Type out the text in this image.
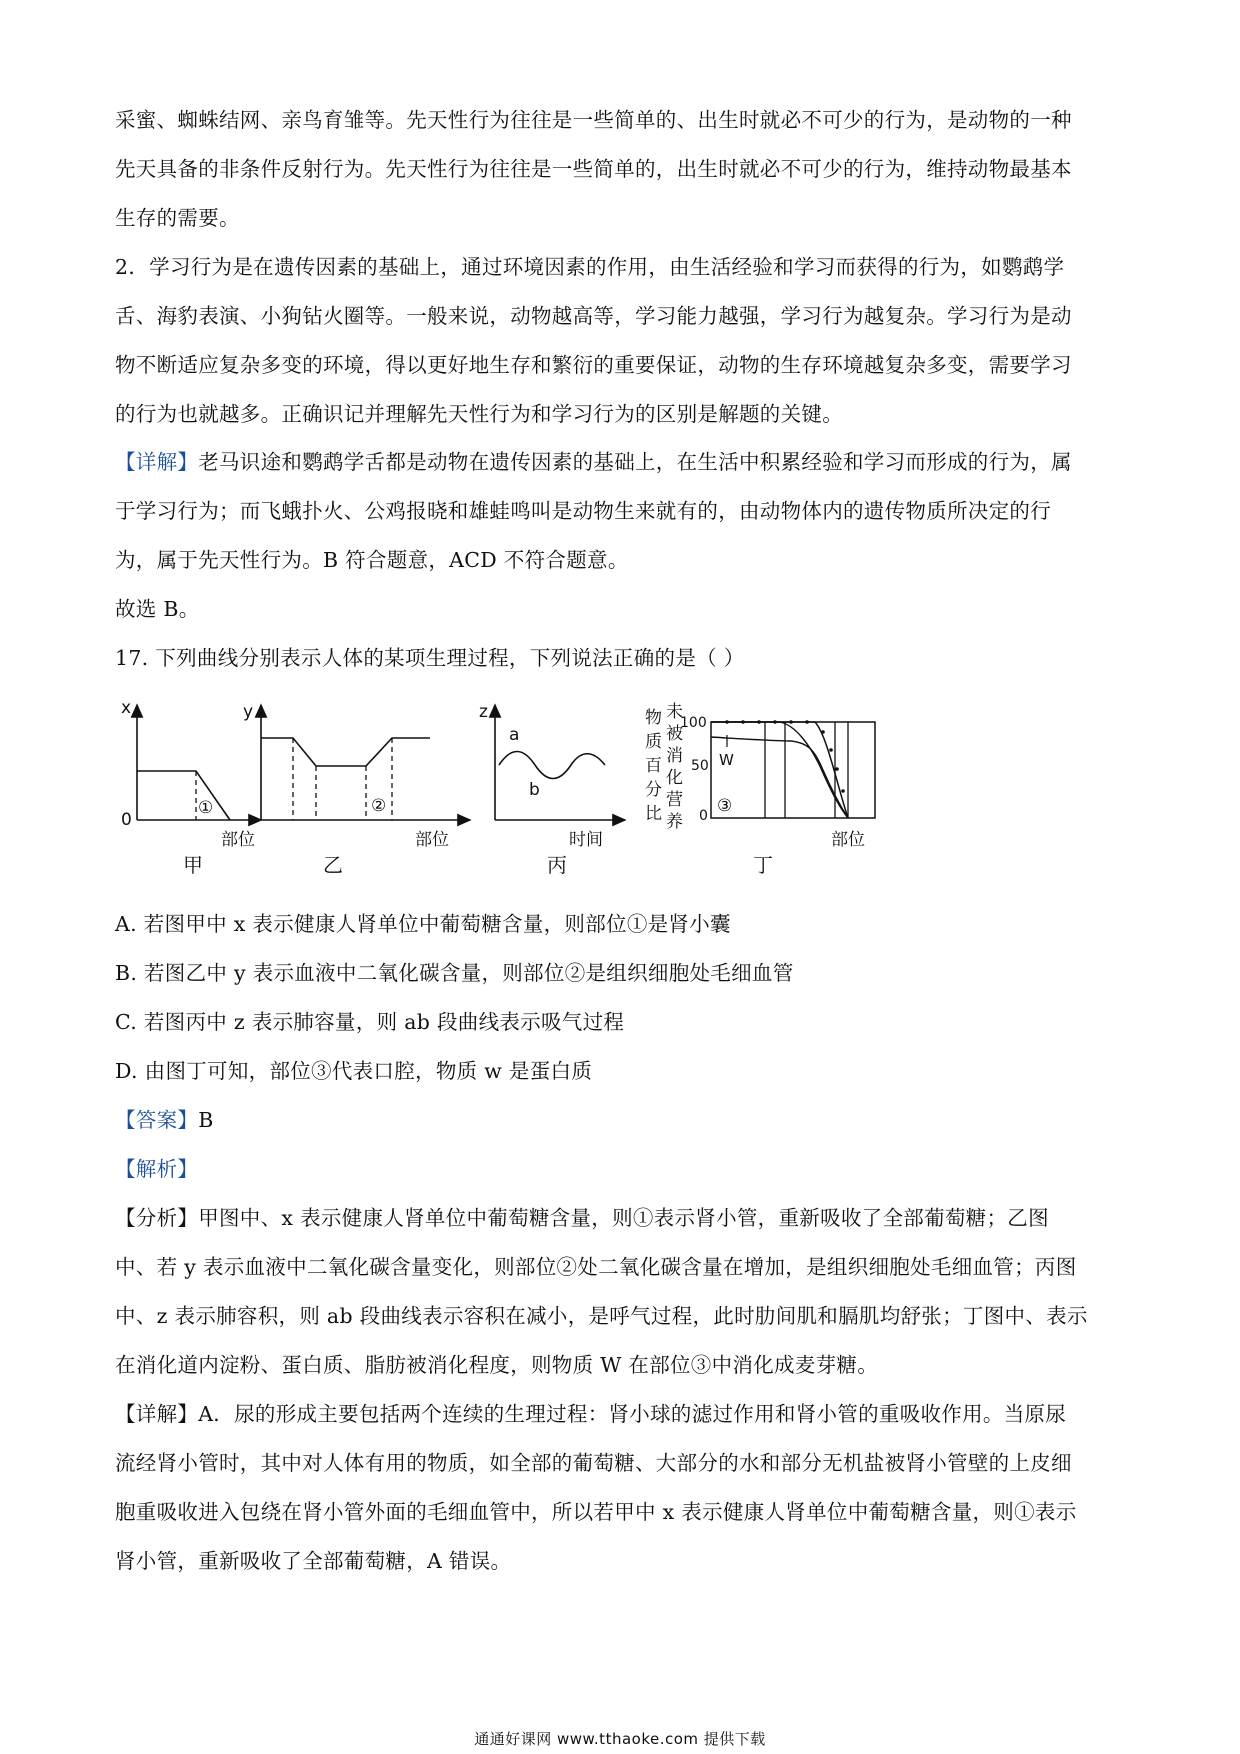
采蜜、蜘蛛结网、亲鸟育雏等。先天性行为往往是一些简单的、出生时就必不可少的行为，是动物的一种
先天具备的非条件反射行为。先天性行为往往是一些简单的，出生时就必不可少的行为，维持动物最基本
生存的需要。
2．学习行为是在遗传因素的基础上，通过环境因素的作用，由生活经验和学习而获得的行为，如鹦鹉学
舌、海豹表演、小狗钻火圈等。一般来说，动物越高等，学习能力越强，学习行为越复杂。学习行为是动
物不断适应复杂多变的环境，得以更好地生存和繁衍的重要保证，动物的生存环境越复杂多变，需要学习
的行为也就越多。正确识记并理解先天性行为和学习行为的区别是解题的关键。
【详解】老马识途和鹦鹉学舌都是动物在遗传因素的基础上，在生活中积累经验和学习而形成的行为，属
于学习行为；而飞蛾扑火、公鸡报晓和雄蛙鸣叫是动物生来就有的，由动物体内的遗传物质所决定的行
为，属于先天性行为。B 符合题意，ACD 不符合题意。
故选 B。
17. 下列曲线分别表示人体的某项生理过程，下列说法正确的是（ ）
x
0
①
部位
甲
y
②
部位
乙
z
a
b
时间
丙
物
质
百
分
比
未
被
消
化
营
养
100
50
0
W
③
部位
丁
A. 若图甲中 x 表示健康人肾单位中葡萄糖含量，则部位①是肾小囊
B. 若图乙中 y 表示血液中二氧化碳含量，则部位②是组织细胞处毛细血管
C. 若图丙中 z 表示肺容量，则 ab 段曲线表示吸气过程
D. 由图丁可知，部位③代表口腔，物质 w 是蛋白质
【答案】B
【解析】
【分析】甲图中、x 表示健康人肾单位中葡萄糖含量，则①表示肾小管，重新吸收了全部葡萄糖；乙图
中、若 y 表示血液中二氧化碳含量变化，则部位②处二氧化碳含量在增加，是组织细胞处毛细血管；丙图
中、z 表示肺容积，则 ab 段曲线表示容积在减小，是呼气过程，此时肋间肌和膈肌均舒张；丁图中、表示
在消化道内淀粉、蛋白质、脂肪被消化程度，则物质 W 在部位③中消化成麦芽糖。
【详解】A．尿的形成主要包括两个连续的生理过程：肾小球的滤过作用和肾小管的重吸收作用。当原尿
流经肾小管时，其中对人体有用的物质，如全部的葡萄糖、大部分的水和部分无机盐被肾小管壁的上皮细
胞重吸收进入包绕在肾小管外面的毛细血管中，所以若甲中 x 表示健康人肾单位中葡萄糖含量，则①表示
肾小管，重新吸收了全部葡萄糖，A 错误。
通通好课网 www.tthaoke.com 提供下载
